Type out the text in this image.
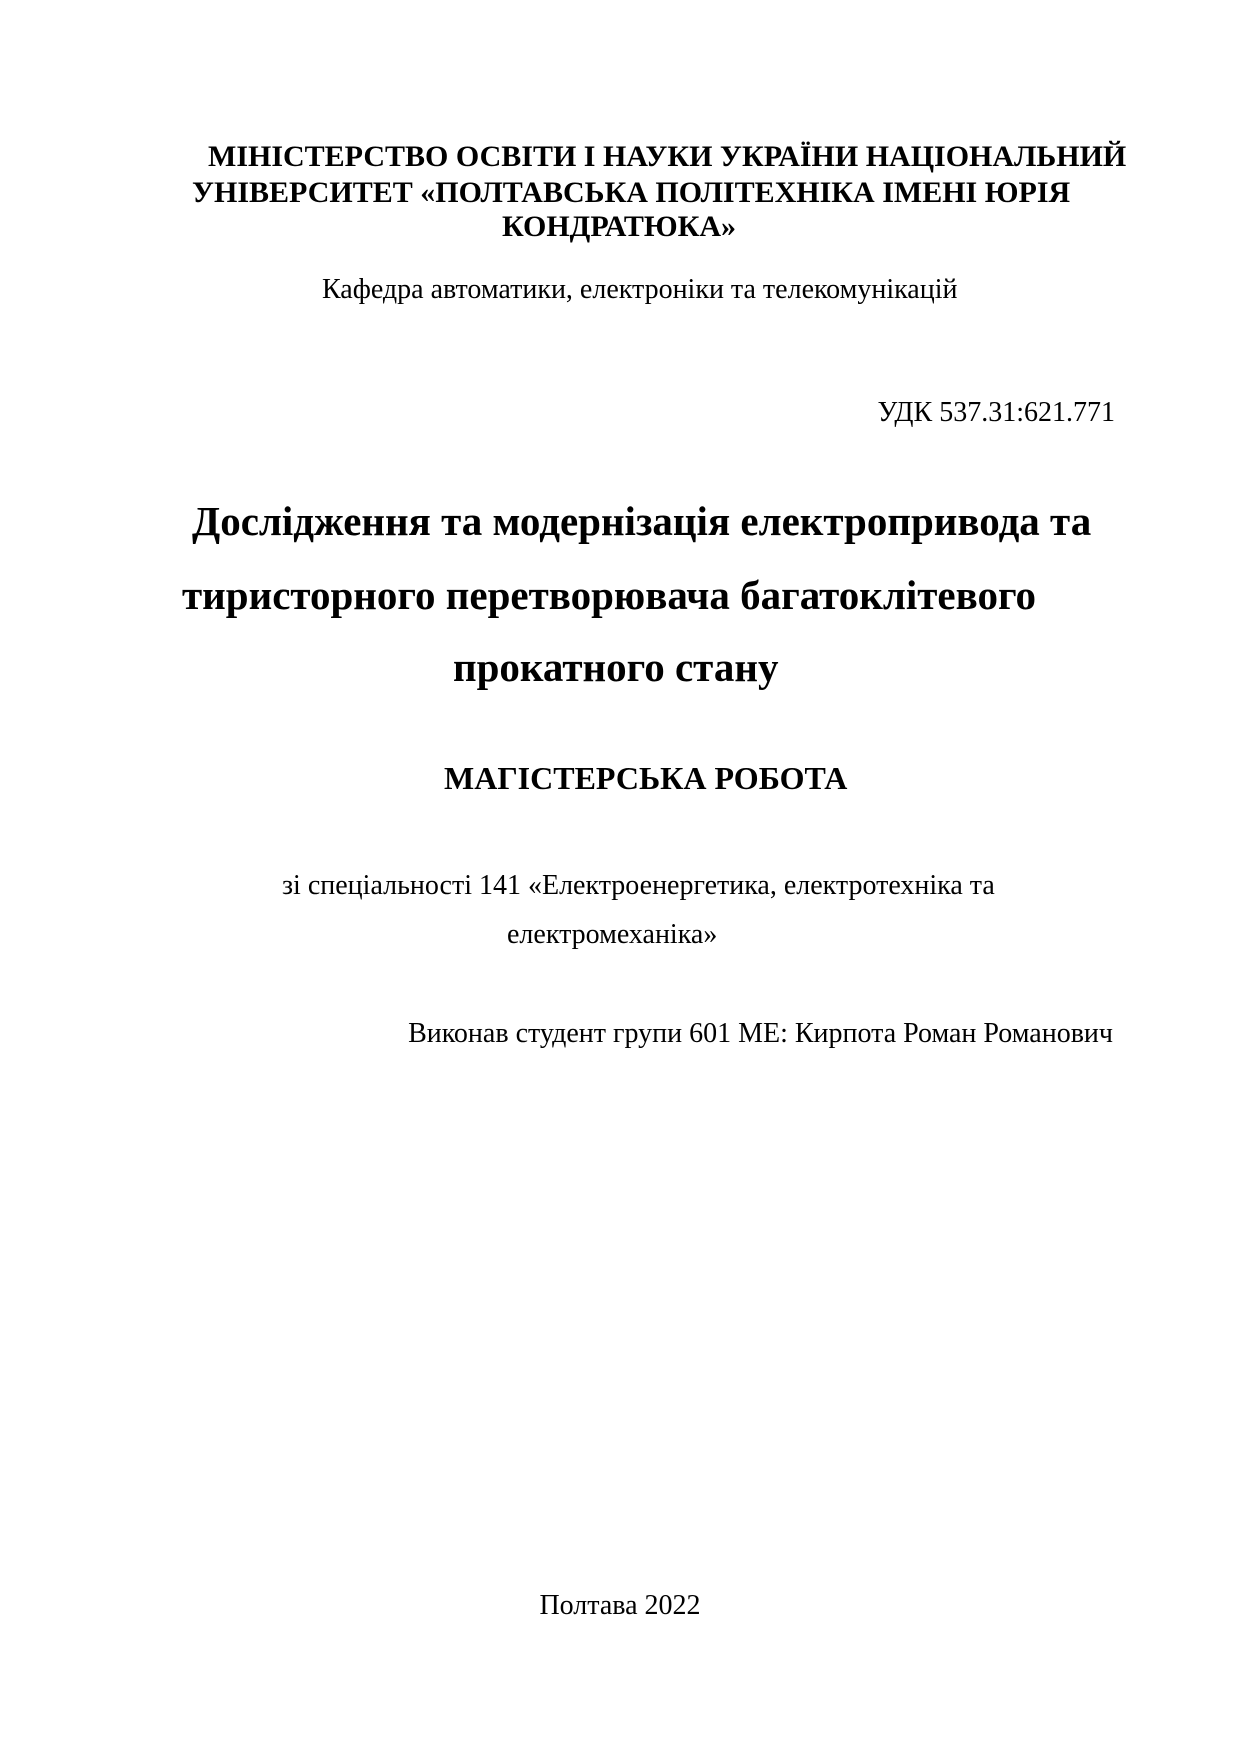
МІНІСТЕРСТВО ОСВІТИ І НАУКИ УКРАЇНИ НАЦІОНАЛЬНИЙ
УНІВЕРСИТЕТ «ПОЛТАВСЬКА ПОЛІТЕХНІКА ІМЕНІ ЮРІЯ
КОНДРАТЮКА»
Кафедра автоматики, електроніки та телекомунікацій
УДК 537.31:621.771
Дослідження та модернізація електропривода та
тиристорного перетворювача багатоклітевого
прокатного стану
МАГІСТЕРСЬКА РОБОТА
зі спеціальності 141 «Електроенергетика, електротехніка та
електромеханіка»
Виконав студент групи 601 МЕ: Кирпота Роман Романович
Полтава 2022
